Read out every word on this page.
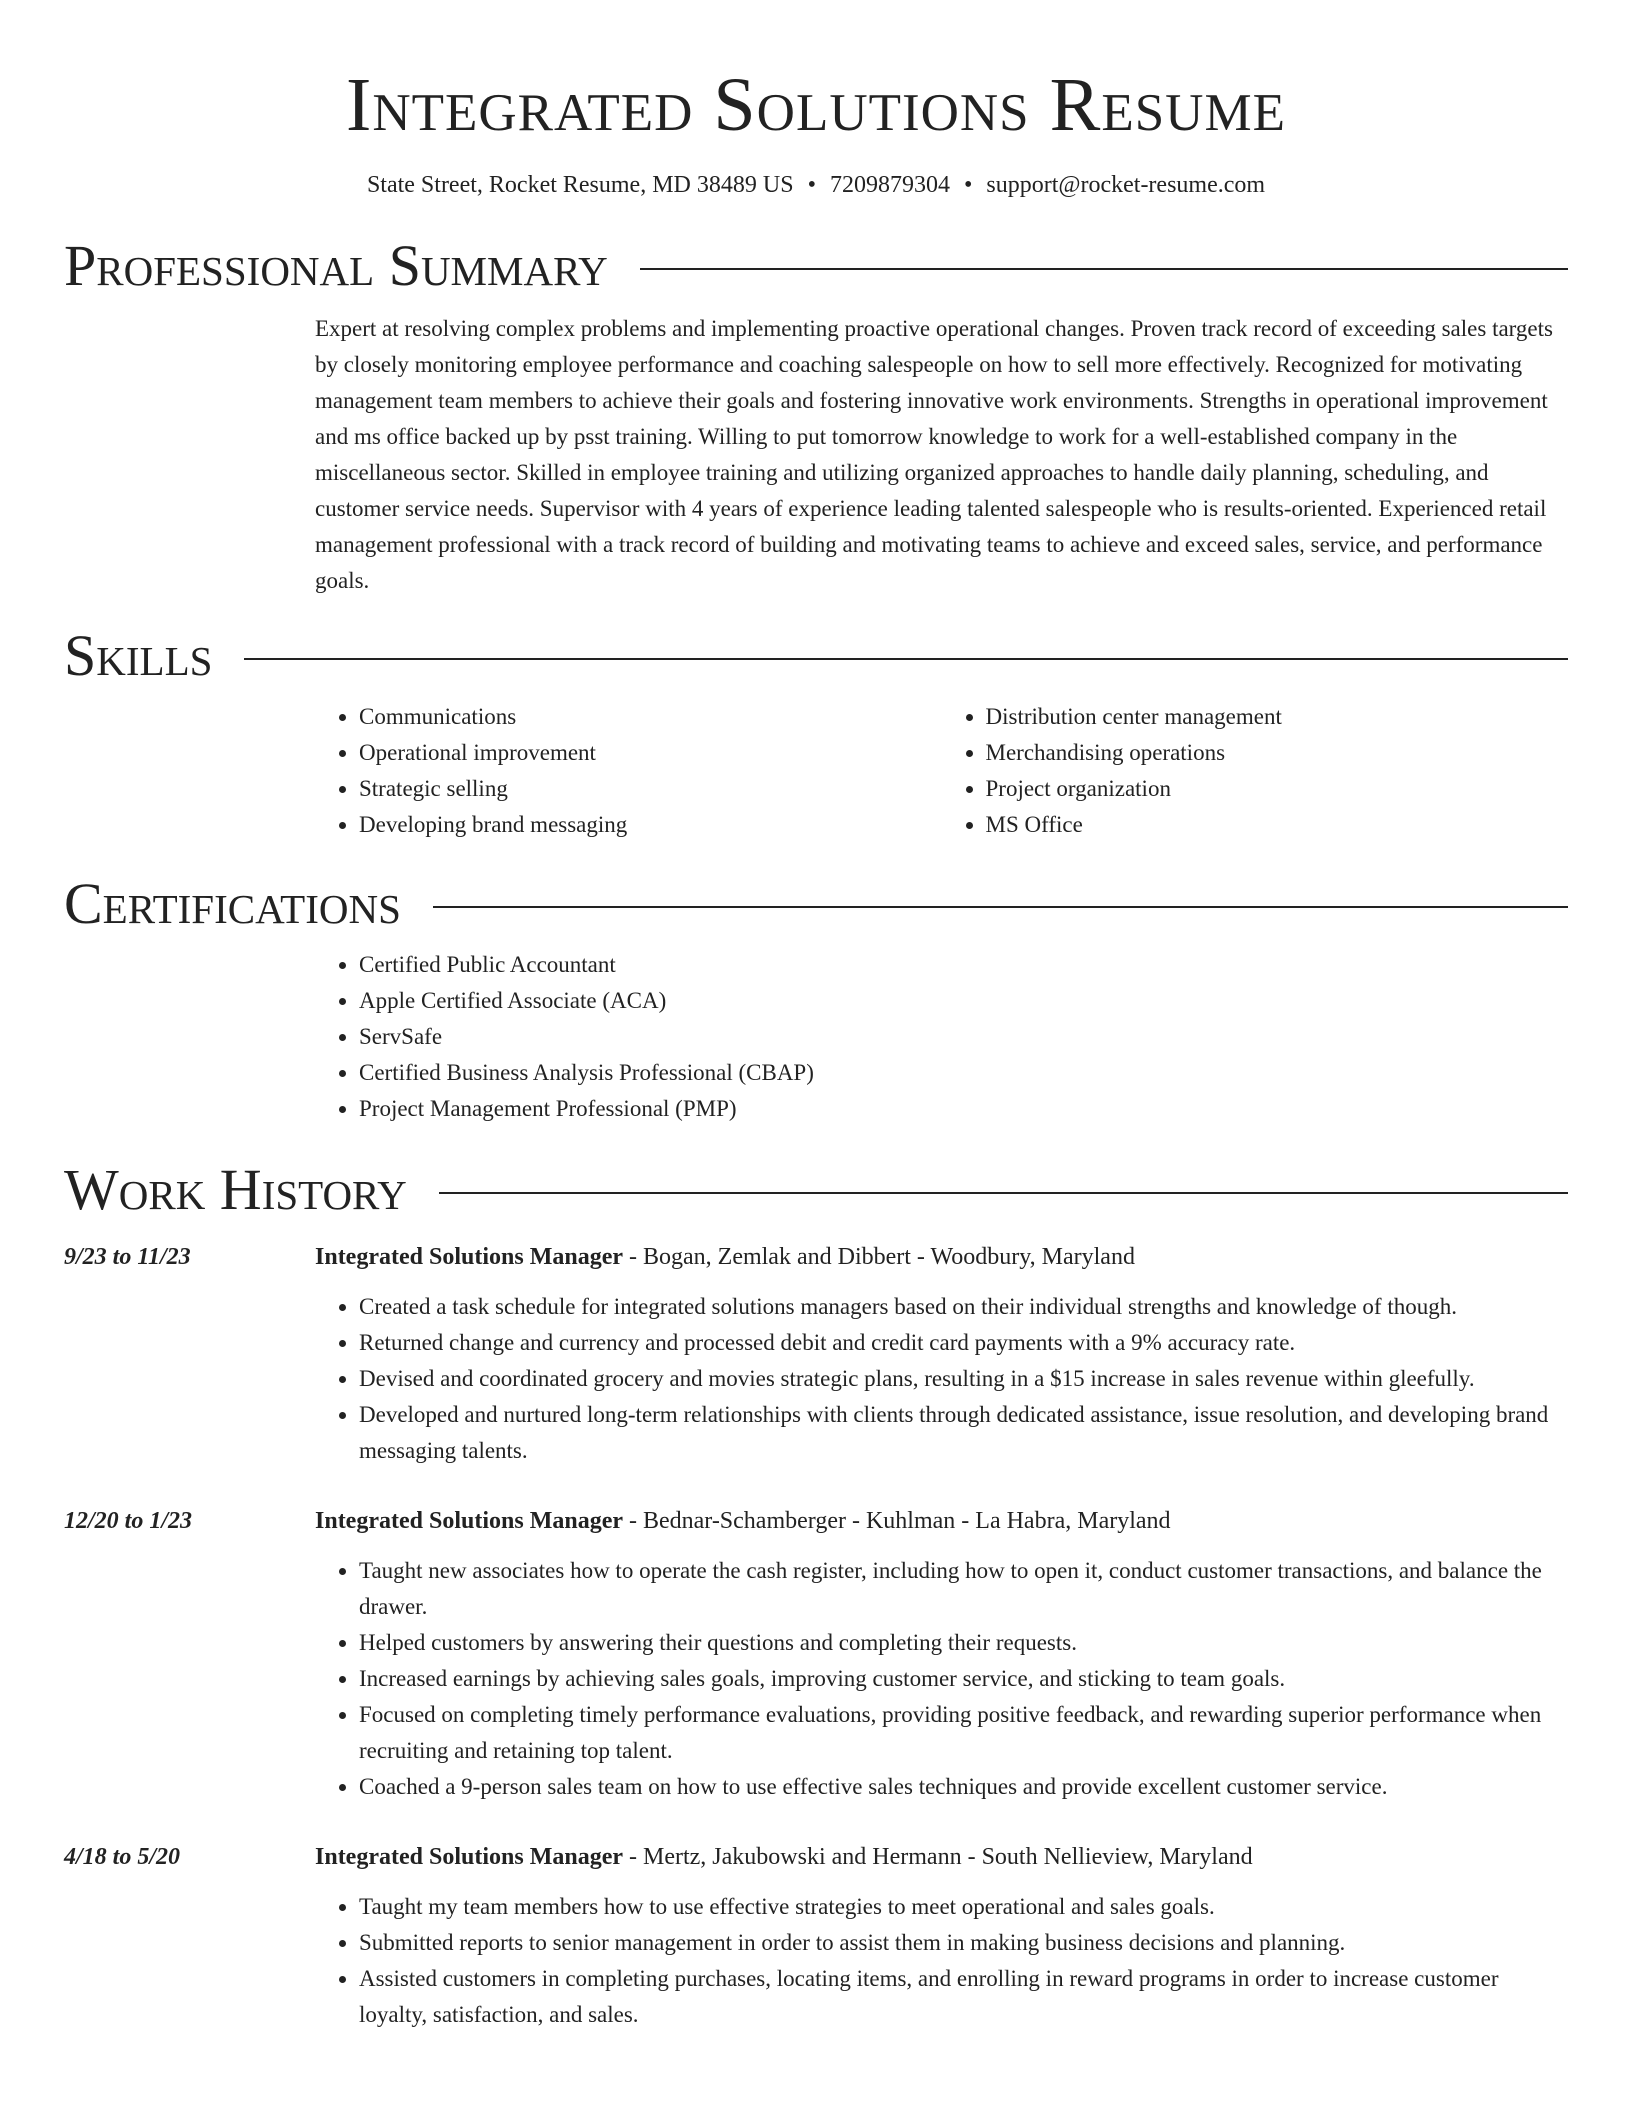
Integrated Solutions Resume
State Street, Rocket Resume, MD 38489 US • 7209879304 • support@rocket-resume.com
Professional Summary
Expert at resolving complex problems and implementing proactive operational changes. Proven track record of exceeding sales targets by closely monitoring employee performance and coaching salespeople on how to sell more effectively. Recognized for motivating management team members to achieve their goals and fostering innovative work environments. Strengths in operational improvement and ms office backed up by psst training. Willing to put tomorrow knowledge to work for a well-established company in the miscellaneous sector. Skilled in employee training and utilizing organized approaches to handle daily planning, scheduling, and customer service needs. Supervisor with 4 years of experience leading talented salespeople who is results-oriented. Experienced retail management professional with a track record of building and motivating teams to achieve and exceed sales, service, and performance goals.
Skills
• Communications
• Operational improvement
• Strategic selling
• Developing brand messaging
• Distribution center management
• Merchandising operations
• Project organization
• MS Office
Certifications
• Certified Public Accountant
• Apple Certified Associate (ACA)
• ServSafe
• Certified Business Analysis Professional (CBAP)
• Project Management Professional (PMP)
Work History
9/23 to 11/23	Integrated Solutions Manager - Bogan, Zemlak and Dibbert - Woodbury, Maryland
• Created a task schedule for integrated solutions managers based on their individual strengths and knowledge of though.
• Returned change and currency and processed debit and credit card payments with a 9% accuracy rate.
• Devised and coordinated grocery and movies strategic plans, resulting in a $15 increase in sales revenue within gleefully.
• Developed and nurtured long-term relationships with clients through dedicated assistance, issue resolution, and developing brand messaging talents.
12/20 to 1/23	Integrated Solutions Manager - Bednar-Schamberger - Kuhlman - La Habra, Maryland
• Taught new associates how to operate the cash register, including how to open it, conduct customer transactions, and balance the drawer.
• Helped customers by answering their questions and completing their requests.
• Increased earnings by achieving sales goals, improving customer service, and sticking to team goals.
• Focused on completing timely performance evaluations, providing positive feedback, and rewarding superior performance when recruiting and retaining top talent.
• Coached a 9-person sales team on how to use effective sales techniques and provide excellent customer service.
4/18 to 5/20	Integrated Solutions Manager - Mertz, Jakubowski and Hermann - South Nellieview, Maryland
• Taught my team members how to use effective strategies to meet operational and sales goals.
• Submitted reports to senior management in order to assist them in making business decisions and planning.
• Assisted customers in completing purchases, locating items, and enrolling in reward programs in order to increase customer loyalty, satisfaction, and sales.
